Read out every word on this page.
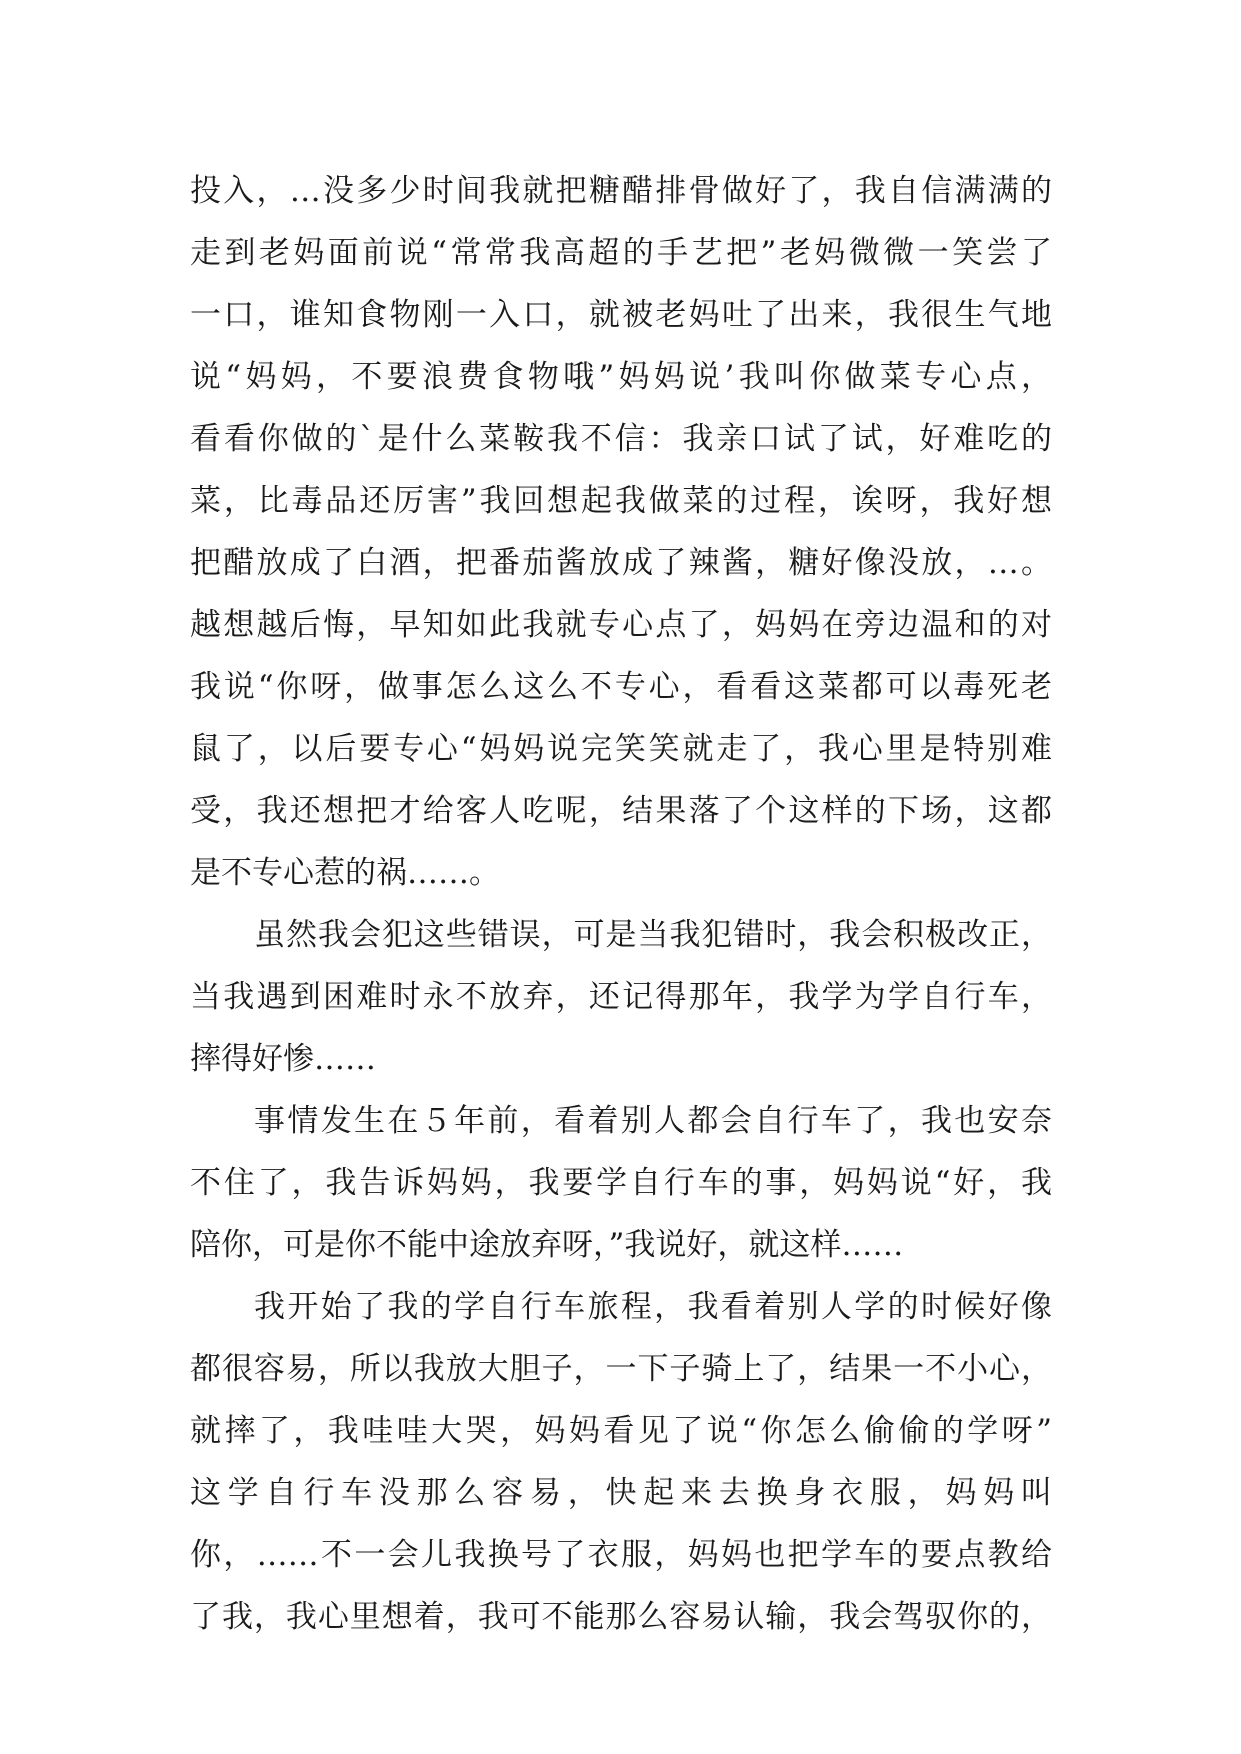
投入，…没多少时间我就把糖醋排骨做好了，我自信满满的
走到老妈面前说“常常我高超的手艺把”老妈微微一笑尝了
一口，谁知食物刚一入口，就被老妈吐了出来，我很生气地
说“妈妈，不要浪费食物哦”妈妈说’我叫你做菜专心点，
看看你做的`是什么菜鞍我不信：我亲口试了试，好难吃的
菜，比毒品还厉害”我回想起我做菜的过程，诶呀，我好想
把醋放成了白酒，把番茄酱放成了辣酱，糖好像没放，…。
越想越后悔，早知如此我就专心点了，妈妈在旁边温和的对
我说“你呀，做事怎么这么不专心，看看这菜都可以毒死老
鼠了，以后要专心“妈妈说完笑笑就走了，我心里是特别难
受，我还想把才给客人吃呢，结果落了个这样的下场，这都
是不专心惹的祸……。
虽然我会犯这些错误，可是当我犯错时，我会积极改正，
当我遇到困难时永不放弃，还记得那年，我学为学自行车，
摔得好惨……
事情发生在５年前，看着别人都会自行车了，我也安奈
不住了，我告诉妈妈，我要学自行车的事，妈妈说“好，我
陪你，可是你不能中途放弃呀，”我说好，就这样……
我开始了我的学自行车旅程，我看着别人学的时候好像
都很容易，所以我放大胆子，一下子骑上了，结果一不小心，
就摔了，我哇哇大哭，妈妈看见了说“你怎么偷偷的学呀”
这学自行车没那么容易，快起来去换身衣服，妈妈叫
你，……不一会儿我换号了衣服，妈妈也把学车的要点教给
了我，我心里想着，我可不能那么容易认输，我会驾驭你的，
